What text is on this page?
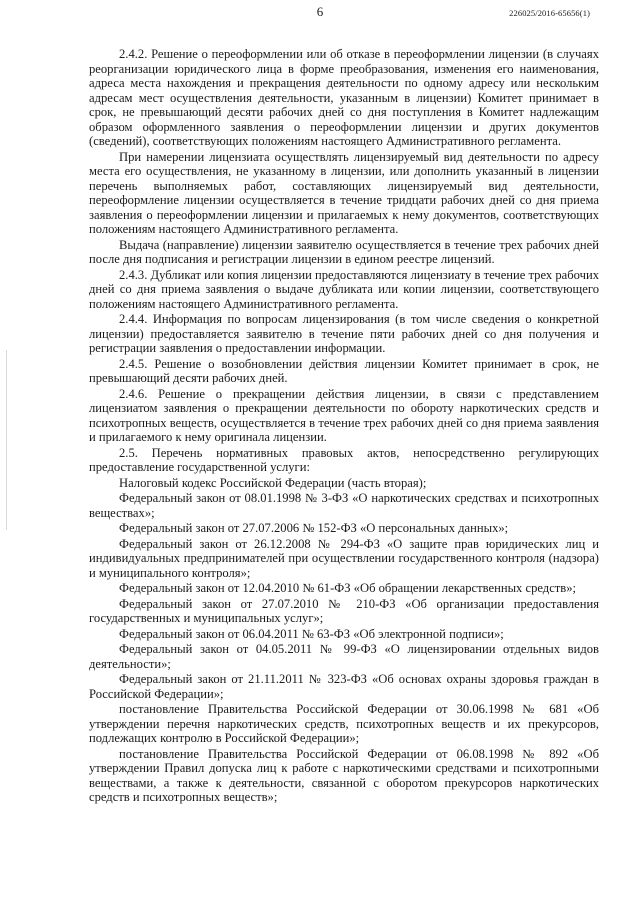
6	226025/2016-65656(1)

2.4.2. Решение о переоформлении или об отказе в переоформлении лицензии (в случаях реорганизации юридического лица в форме преобразования, изменения его наименования, адреса места нахождения и прекращения деятельности по одному адресу или нескольким адресам мест осуществления деятельности, указанным в лицензии) Комитет принимает в срок, не превышающий десяти рабочих дней со дня поступления в Комитет надлежащим образом оформленного заявления о переоформлении лицензии и других документов (сведений), соответствующих положениям настоящего Административного регламента.

При намерении лицензиата осуществлять лицензируемый вид деятельности по адресу места его осуществления, не указанному в лицензии, или дополнить указанный в лицензии перечень выполняемых работ, составляющих лицензируемый вид деятельности, переоформление лицензии осуществляется в течение тридцати рабочих дней со дня приема заявления о переоформлении лицензии и прилагаемых к нему документов, соответствующих положениям настоящего Административного регламента.

Выдача (направление) лицензии заявителю осуществляется в течение трех рабочих дней после дня подписания и регистрации лицензии в едином реестре лицензий.

2.4.3. Дубликат или копия лицензии предоставляются лицензиату в течение трех рабочих дней со дня приема заявления о выдаче дубликата или копии лицензии, соответствующего положениям настоящего Административного регламента.

2.4.4. Информация по вопросам лицензирования (в том числе сведения о конкретной лицензии) предоставляется заявителю в течение пяти рабочих дней со дня получения и регистрации заявления о предоставлении информации.

2.4.5. Решение о возобновлении действия лицензии Комитет принимает в срок, не превышающий десяти рабочих дней.

2.4.6. Решение о прекращении действия лицензии, в связи с представлением лицензиатом заявления о прекращении деятельности по обороту наркотических средств и психотропных веществ, осуществляется в течение трех рабочих дней со дня приема заявления и прилагаемого к нему оригинала лицензии.

2.5. Перечень нормативных правовых актов, непосредственно регулирующих предоставление государственной услуги:

Налоговый кодекс Российской Федерации (часть вторая);

Федеральный закон от 08.01.1998 № 3-ФЗ «О наркотических средствах и психотропных веществах»;

Федеральный закон от 27.07.2006 № 152-ФЗ «О персональных данных»;

Федеральный закон от 26.12.2008 № 294-ФЗ «О защите прав юридических лиц и индивидуальных предпринимателей при осуществлении государственного контроля (надзора) и муниципального контроля»;

Федеральный закон от 12.04.2010 № 61-ФЗ «Об обращении лекарственных средств»;

Федеральный закон от 27.07.2010 № 210-ФЗ «Об организации предоставления государственных и муниципальных услуг»;

Федеральный закон от 06.04.2011 № 63-ФЗ «Об электронной подписи»;

Федеральный закон от 04.05.2011 № 99-ФЗ «О лицензировании отдельных видов деятельности»;

Федеральный закон от 21.11.2011 № 323-ФЗ «Об основах охраны здоровья граждан в Российской Федерации»;

постановление Правительства Российской Федерации от 30.06.1998 № 681 «Об утверждении перечня наркотических средств, психотропных веществ и их прекурсоров, подлежащих контролю в Российской Федерации»;

постановление Правительства Российской Федерации от 06.08.1998 № 892 «Об утверждении Правил допуска лиц к работе с наркотическими средствами и психотропными веществами, а также к деятельности, связанной с оборотом прекурсоров наркотических средств и психотропных веществ»;
